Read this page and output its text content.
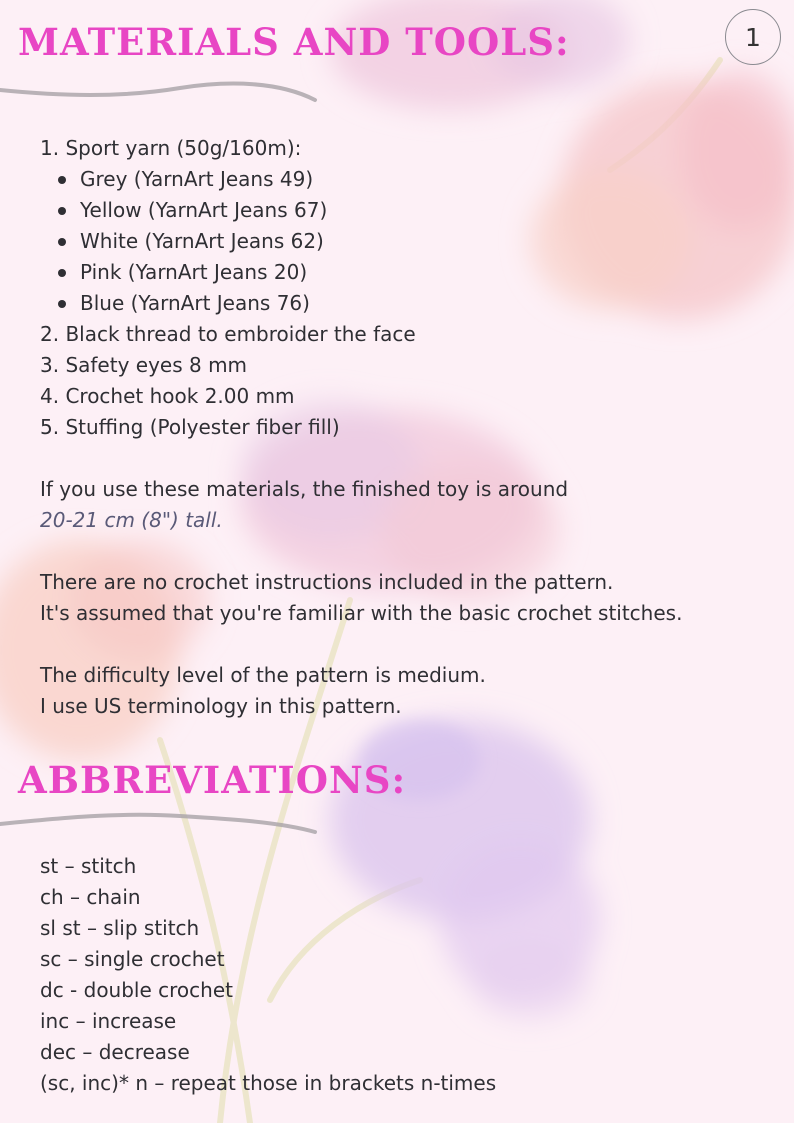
1
MATERIALS AND TOOLS:

1. Sport yarn (50g/160m):

Grey (YarnArt Jeans 49)

Yellow (YarnArt Jeans 67)

White (YarnArt Jeans 62)

Pink (YarnArt Jeans 20)

Blue (YarnArt Jeans 76)

2. Black thread to embroider the face

3. Safety eyes 8 mm

4. Crochet hook 2.00 mm

5. Stuffing (Polyester fiber fill)

If you use these materials, the finished toy is around

20-21 cm (8") tall.

There are no crochet instructions included in the pattern.

It's assumed that you're familiar with the basic crochet stitches.

The difficulty level of the pattern is medium.

I use US terminology in this pattern.

ABBREVIATIONS:

st – stitch

ch – chain

sl st – slip stitch

sc – single crochet

dc - double crochet

inc – increase

dec – decrease

(sc, inc)* n – repeat those in brackets n-times
